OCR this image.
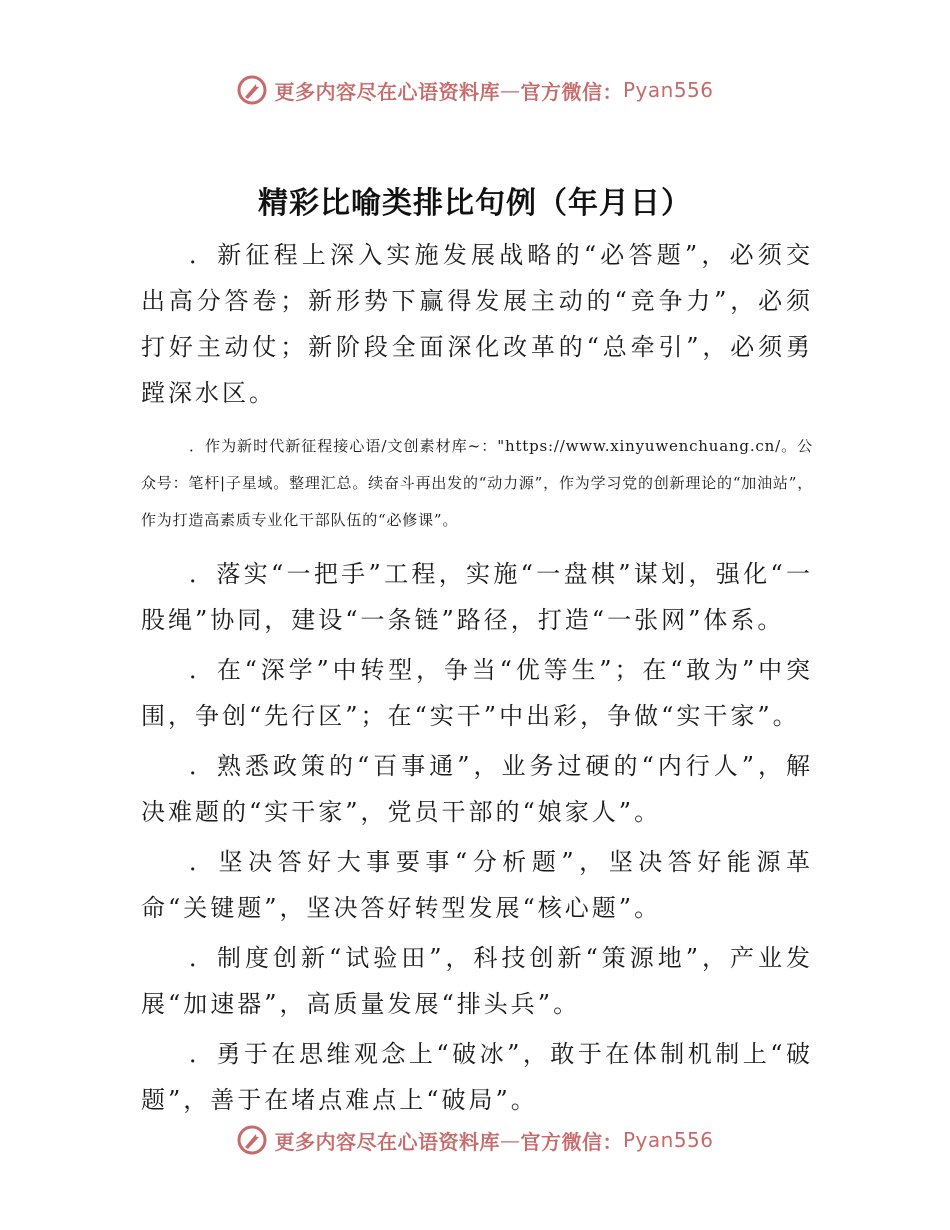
更多内容尽在心语资料库 — 官方微信： Pyan556
精彩比喻类排比句例（年月日）

．新征程上深入实施发展战略的“必答题”，必须交出高分答卷；新形势下赢得发展主动的“竞争力”，必须打好主动仗；新阶段全面深化改革的“总牵引”，必须勇蹚深水区。

．作为新时代新征程接心语/文创素材库~："https://www.xinyuwenchuang.cn/。公众号：笔杆|子星域。整理汇总。续奋斗再出发的“动力源”，作为学习党的创新理论的“加油站”，作为打造高素质专业化干部队伍的“必修课”。

．落实“一把手”工程，实施“一盘棋”谋划，强化“一股绳”协同，建设“一条链”路径，打造“一张网”体系。

．在“深学”中转型，争当“优等生”；在“敢为”中突围，争创“先行区”；在“实干”中出彩，争做“实干家”。

．熟悉政策的“百事通”，业务过硬的“内行人”，解决难题的“实干家”，党员干部的“娘家人”。

．坚决答好大事要事“分析题”，坚决答好能源革命“关键题”，坚决答好转型发展“核心题”。

．制度创新“试验田”，科技创新“策源地”，产业发展“加速器”，高质量发展“排头兵”。

．勇于在思维观念上“破冰”，敢于在体制机制上“破题”，善于在堵点难点上“破局”。

更多内容尽在心语资料库 — 官方微信： Pyan556
